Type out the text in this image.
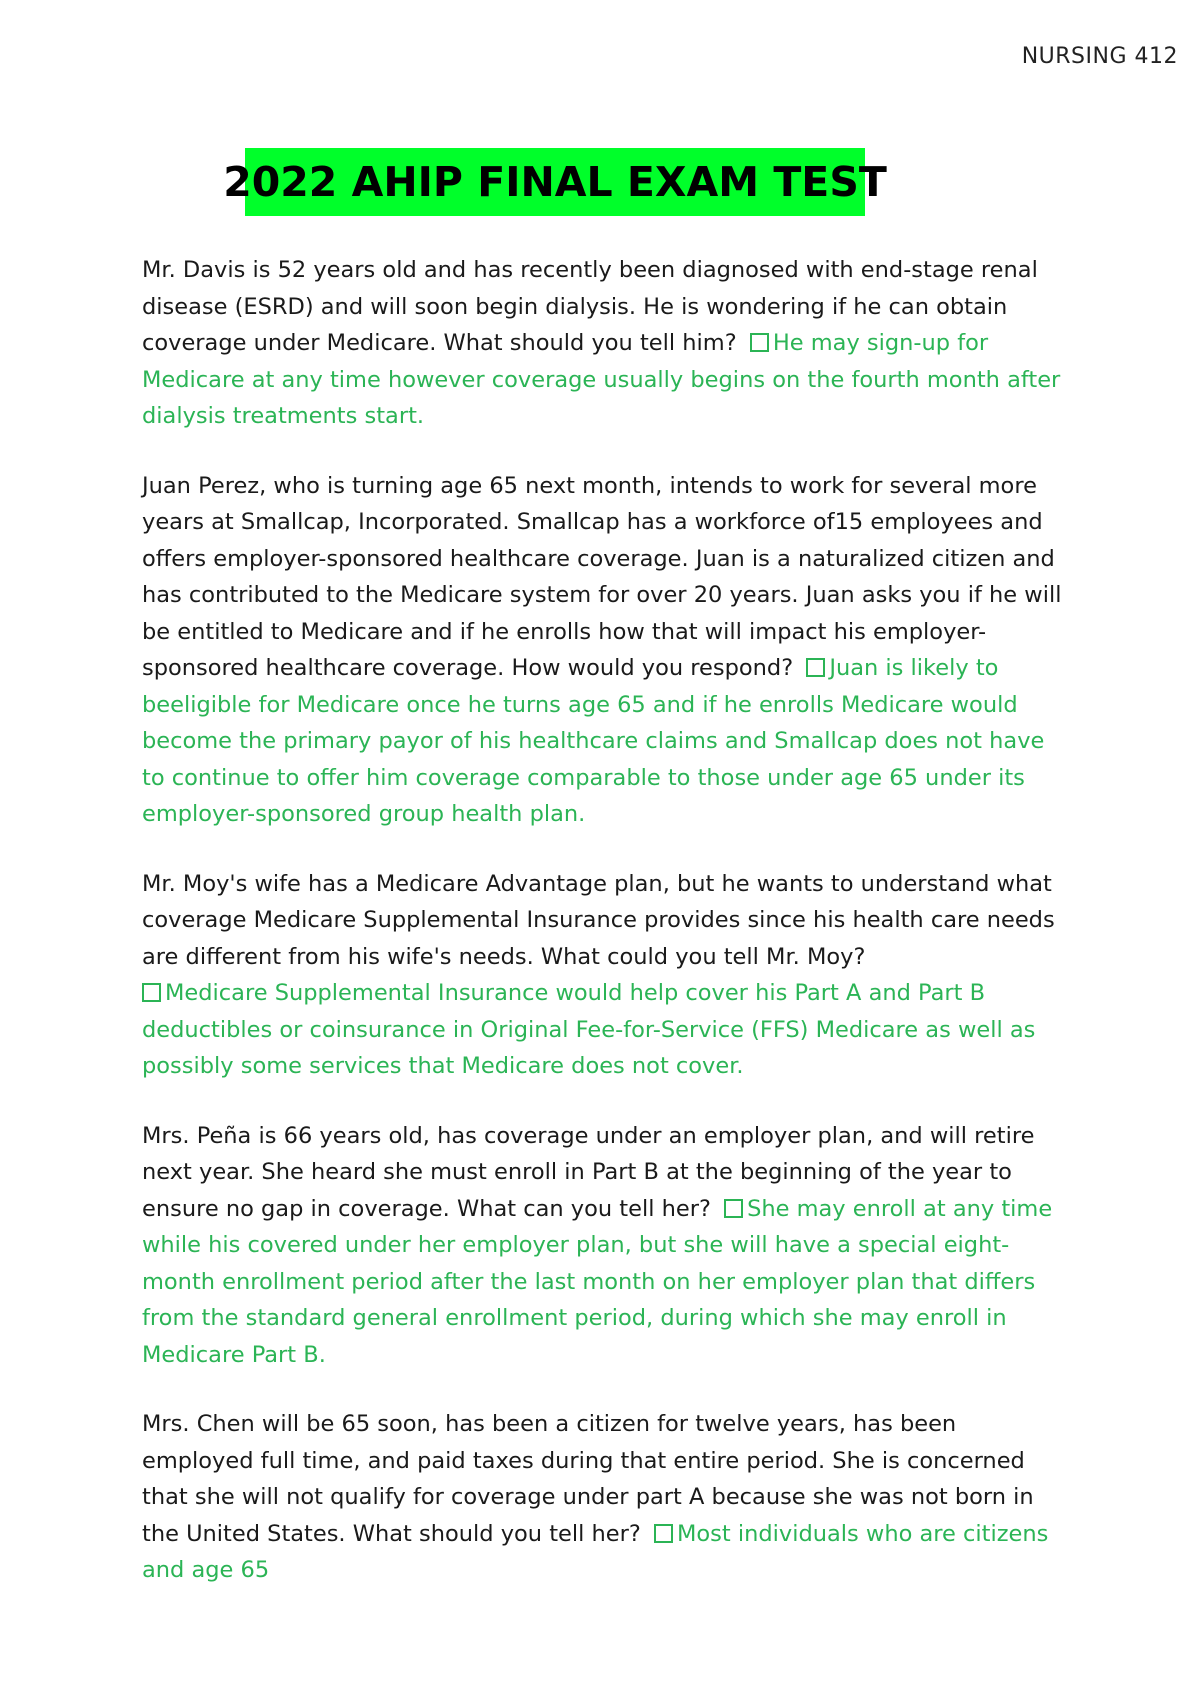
NURSING 412
2022 AHIP FINAL EXAM TEST

Mr. Davis is 52 years old and has recently been diagnosed with end-stage renal disease (ESRD) and will soon begin dialysis. He is wondering if he can obtain coverage under Medicare. What should you tell him? He may sign-up for Medicare at any time however coverage usually begins on the fourth month after dialysis treatments start.

Juan Perez, who is turning age 65 next month, intends to work for several more years at Smallcap, Incorporated. Smallcap has a workforce of15 employees and offers employer-sponsored healthcare coverage. Juan is a naturalized citizen and has contributed to the Medicare system for over 20 years. Juan asks you if he will be entitled to Medicare and if he enrolls how that will impact his employer- sponsored healthcare coverage. How would you respond? Juan is likely to beeligible for Medicare once he turns age 65 and if he enrolls Medicare would become the primary payor of his healthcare claims and Smallcap does not have to continue to offer him coverage comparable to those under age 65 under its employer-sponsored group health plan.

Mr. Moy's wife has a Medicare Advantage plan, but he wants to understand what coverage Medicare Supplemental Insurance provides since his health care needs are different from his wife's needs. What could you tell Mr. Moy?
Medicare Supplemental Insurance would help cover his Part A and Part B deductibles or coinsurance in Original Fee-for-Service (FFS) Medicare as well as possibly some services that Medicare does not cover.

Mrs. Peña is 66 years old, has coverage under an employer plan, and will retire next year. She heard she must enroll in Part B at the beginning of the year to ensure no gap in coverage. What can you tell her? She may enroll at any time while his covered under her employer plan, but she will have a special eight-month enrollment period after the last month on her employer plan that differs from the standard general enrollment period, during which she may enroll in Medicare Part B.

Mrs. Chen will be 65 soon, has been a citizen for twelve years, has been employed full time, and paid taxes during that entire period. She is concerned that she will not qualify for coverage under part A because she was not born in the United States. What should you tell her? Most individuals who are citizens and age 65
